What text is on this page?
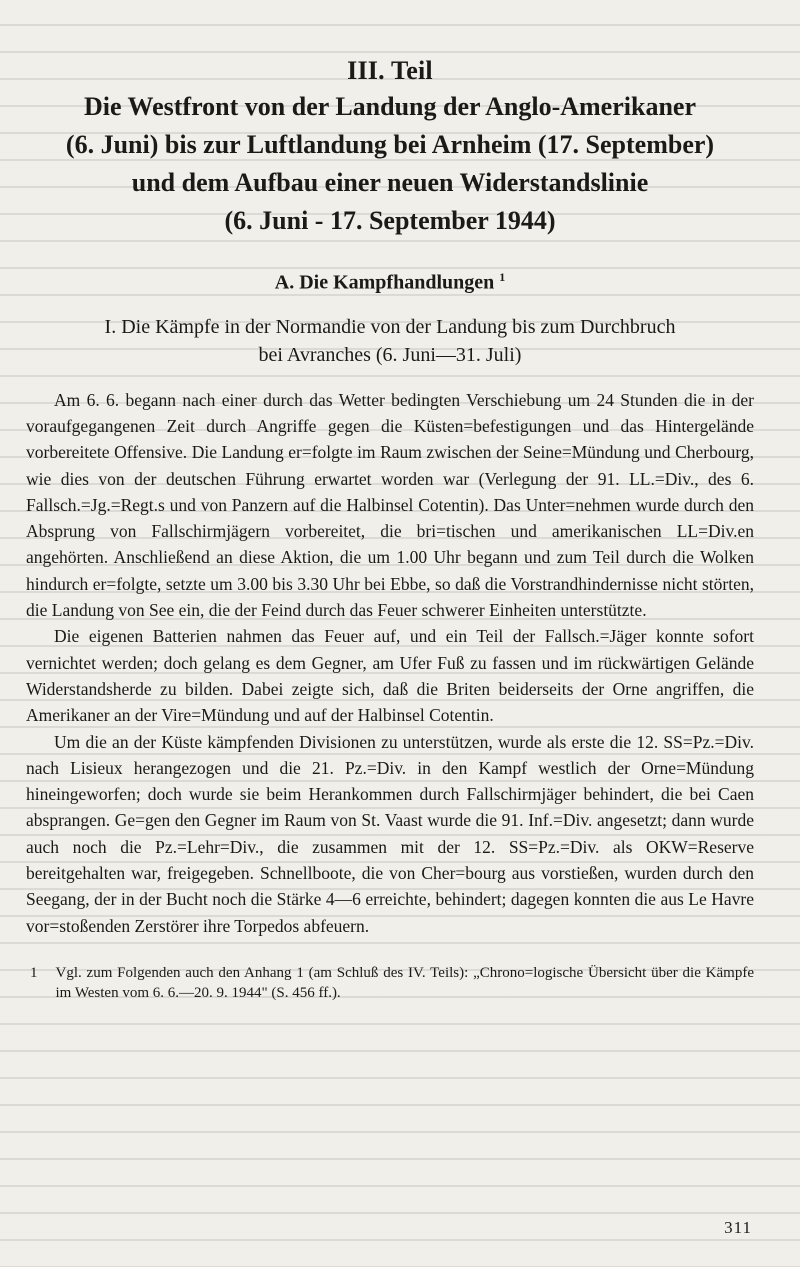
III. Teil
Die Westfront von der Landung der Anglo-Amerikaner
(6. Juni) bis zur Luftlandung bei Arnheim (17. September)
und dem Aufbau einer neuen Widerstandslinie
(6. Juni - 17. September 1944)
A. Die Kampfhandlungen $^1$
I. Die Kämpfe in der Normandie von der Landung bis zum Durchbruch
bei Avranches (6. Juni—31. Juli)

Am 6. 6. begann nach einer durch das Wetter bedingten Verschiebung um 24 Stunden die in der voraufgegangenen Zeit durch Angriffe gegen die Küsten=befestigungen und das Hintergelände vorbereitete Offensive. Die Landung er=folgte im Raum zwischen der Seine=Mündung und Cherbourg, wie dies von der deutschen Führung erwartet worden war (Verlegung der 91. LL.=Div., des 6. Fallsch.=Jg.=Regt.s und von Panzern auf die Halbinsel Cotentin). Das Unter=nehmen wurde durch den Absprung von Fallschirmjägern vorbereitet, die bri=tischen und amerikanischen LL=Div.en angehörten. Anschließend an diese Aktion, die um 1.00 Uhr begann und zum Teil durch die Wolken hindurch er=folgte, setzte um 3.00 bis 3.30 Uhr bei Ebbe, so daß die Vorstrandhindernisse nicht störten, die Landung von See ein, die der Feind durch das Feuer schwerer Einheiten unterstützte.

Die eigenen Batterien nahmen das Feuer auf, und ein Teil der Fallsch.=Jäger konnte sofort vernichtet werden; doch gelang es dem Gegner, am Ufer Fuß zu fassen und im rückwärtigen Gelände Widerstandsherde zu bilden. Dabei zeigte sich, daß die Briten beiderseits der Orne angriffen, die Amerikaner an der Vire=Mündung und auf der Halbinsel Cotentin.

Um die an der Küste kämpfenden Divisionen zu unterstützen, wurde als erste die 12. SS=Pz.=Div. nach Lisieux herangezogen und die 21. Pz.=Div. in den Kampf westlich der Orne=Mündung hineingeworfen; doch wurde sie beim Herankommen durch Fallschirmjäger behindert, die bei Caen absprangen. Ge=gen den Gegner im Raum von St. Vaast wurde die 91. Inf.=Div. angesetzt; dann wurde auch noch die Pz.=Lehr=Div., die zusammen mit der 12. SS=Pz.=Div. als OKW=Reserve bereitgehalten war, freigegeben. Schnellboote, die von Cher=bourg aus vorstießen, wurden durch den Seegang, der in der Bucht noch die Stärke 4—6 erreichte, behindert; dagegen konnten die aus Le Havre vor=stoßenden Zerstörer ihre Torpedos abfeuern.

1 Vgl. zum Folgenden auch den Anhang 1 (am Schluß des IV. Teils): „Chrono=logische Übersicht über die Kämpfe im Westen vom 6. 6.—20. 9. 1944" (S. 456 ff.).
311
